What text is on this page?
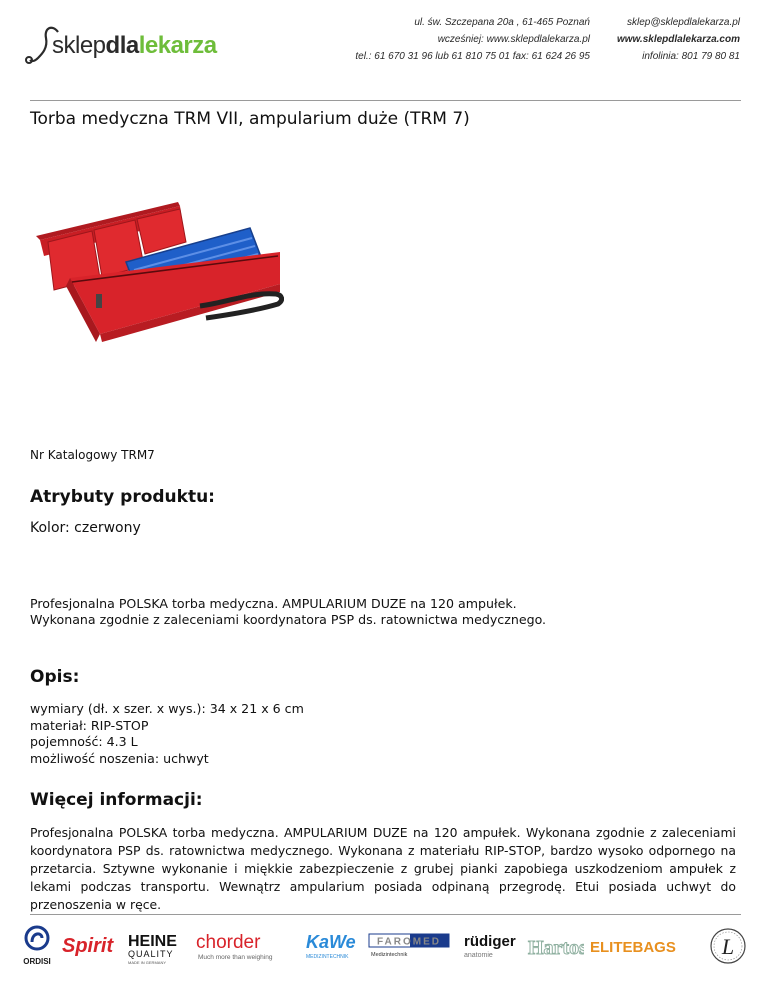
sklepdlalekarza
ul. św. Szczepana 20a , 61-465 Poznań
wcześniej: www.sklepdlalekarza.pl
tel.: 61 670 31 96 lub 61 810 75 01 fax: 61 624 26 95
sklep@sklepdlalekarza.pl
www.sklepdlalekarza.com
infolinia: 801 79 80 81
Torba medyczna TRM VII, ampularium duże (TRM 7)
Nr Katalogowy TRM7
Atrybuty produktu:
Kolor: czerwony
Profesjonalna POLSKA torba medyczna. AMPULARIUM DUZE na 120 ampułek.
Wykonana zgodnie z zaleceniami koordynatora PSP ds. ratownictwa medycznego.
Opis:
wymiary (dł. x szer. x wys.): 34 x 21 x 6 cm
materiał: RIP-STOP
pojemność: 4.3 L
możliwość noszenia: uchwyt
Więcej informacji:
Profesjonalna POLSKA torba medyczna. AMPULARIUM DUZE na 120 ampułek. Wykonana zgodnie z zaleceniami koordynatora PSP ds. ratownictwa medycznego. Wykonana z materiału RIP-STOP, bardzo wysoko odpornego na przetarcia. Sztywne wykonanie i miękkie zabezpieczenie z grubej pianki zapobiega uszkodzeniom ampułek z lekami podczas transportu. Wewnątrz ampularium posiada odpinaną przegrodę. Etui posiada uchwyt do przenoszenia w ręce.
ORDISI
Spirit HEINE
QUALITY
MADE IN GERMANY
chorder
Much more than weighing
KaWe
MEDIZINTECHNIK
FAROMED
Medizintechnik
rüdiger
anatomie Hartos ELITEBAGS L
